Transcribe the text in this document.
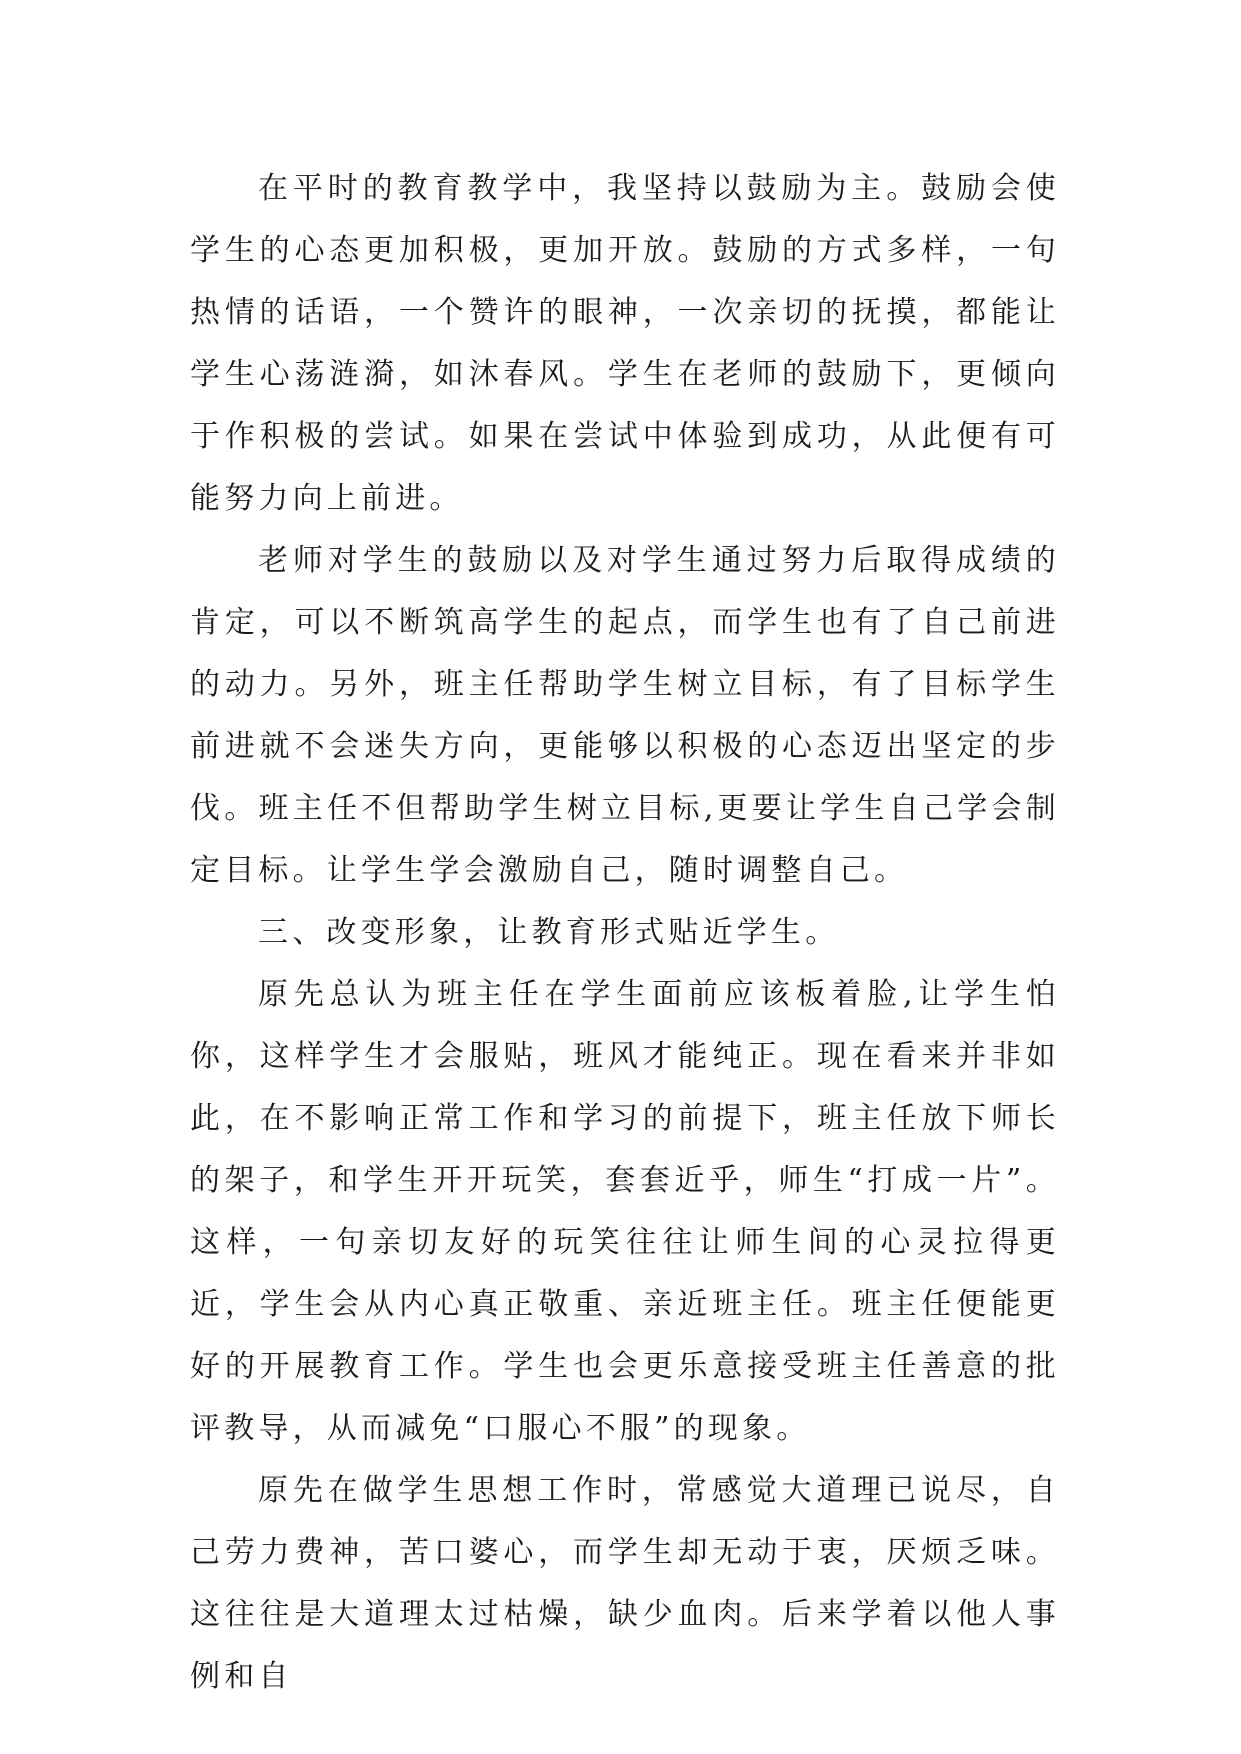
在平时的教育教学中，我坚持以鼓励为主。鼓励会使学生的心态更加积极，更加开放。鼓励的方式多样，一句热情的话语，一个赞许的眼神，一次亲切的抚摸，都能让学生心荡涟漪，如沐春风。学生在老师的鼓励下，更倾向于作积极的尝试。如果在尝试中体验到成功，从此便有可能努力向上前进。

老师对学生的鼓励以及对学生通过努力后取得成绩的肯定，可以不断筑高学生的起点，而学生也有了自己前进的动力。另外，班主任帮助学生树立目标，有了目标学生前进就不会迷失方向，更能够以积极的心态迈出坚定的步伐。班主任不但帮助学生树立目标,更要让学生自己学会制定目标。让学生学会激励自己，随时调整自己。

三、改变形象，让教育形式贴近学生。

原先总认为班主任在学生面前应该板着脸,让学生怕你，这样学生才会服贴，班风才能纯正。现在看来并非如此，在不影响正常工作和学习的前提下，班主任放下师长的架子，和学生开开玩笑，套套近乎，师生“打成一片”。这样，一句亲切友好的玩笑往往让师生间的心灵拉得更近，学生会从内心真正敬重、亲近班主任。班主任便能更好的开展教育工作。学生也会更乐意接受班主任善意的批评教导，从而减免“口服心不服”的现象。

原先在做学生思想工作时，常感觉大道理已说尽，自己劳力费神，苦口婆心，而学生却无动于衷，厌烦乏味。这往往是大道理太过枯燥，缺少血肉。后来学着以他人事例和自
